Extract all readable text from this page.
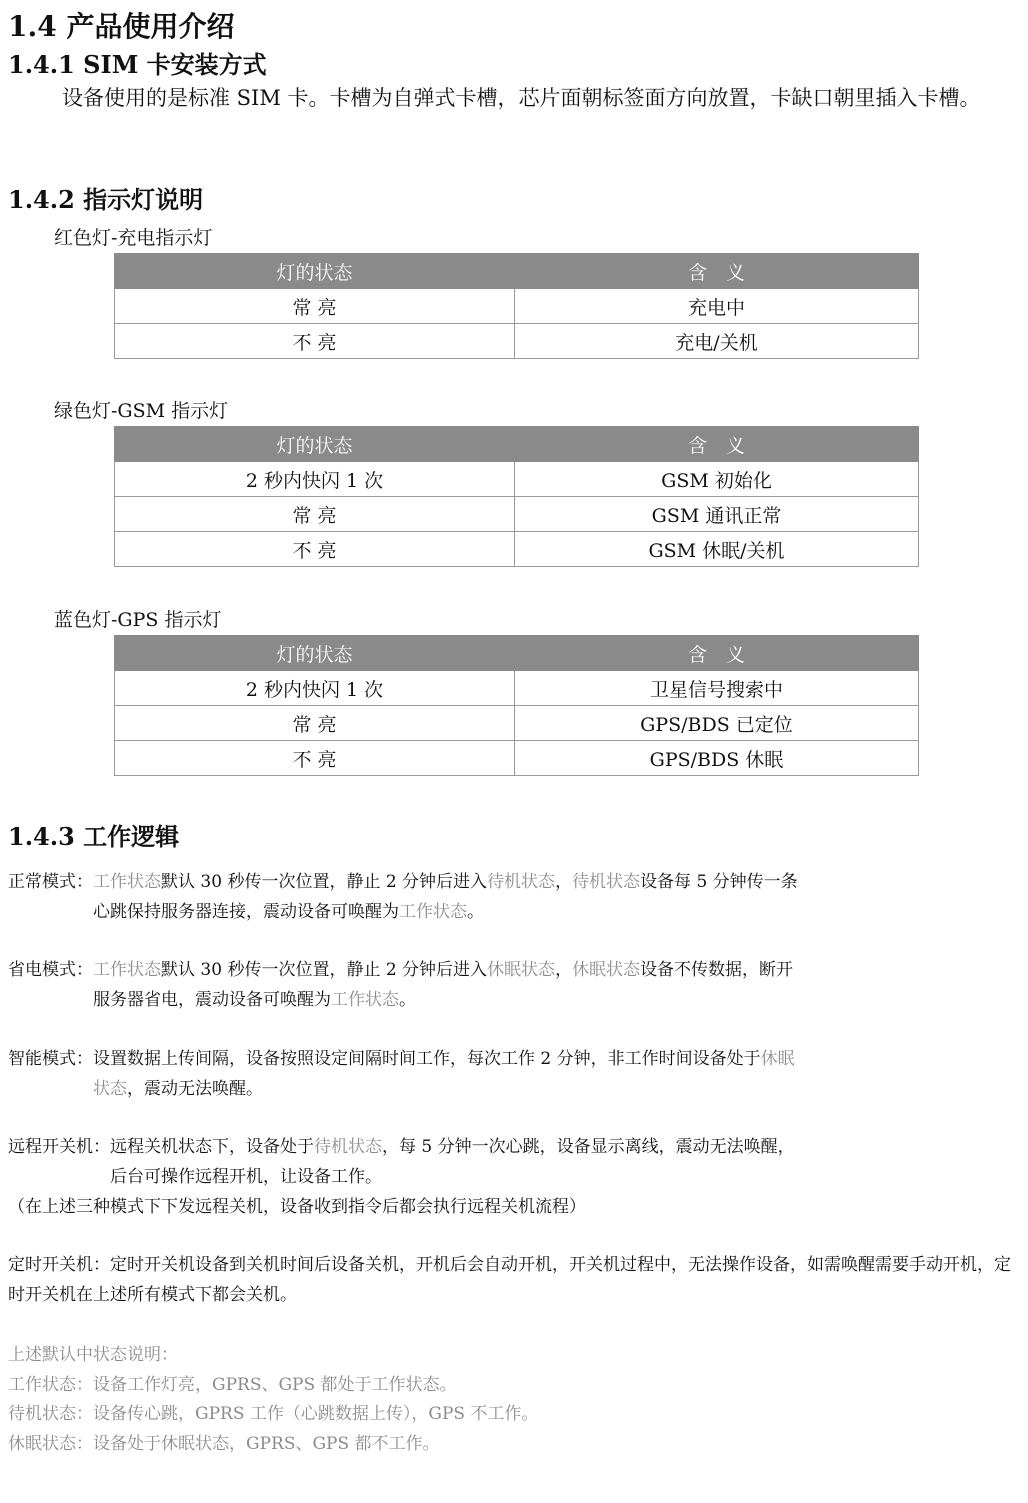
1.4 产品使用介绍
1.4.1 SIM 卡安装方式

设备使用的是标准 SIM 卡。卡槽为自弹式卡槽，芯片面朝标签面方向放置，卡缺口朝里插入卡槽。

1.4.2 指示灯说明
红色灯-充电指示灯
灯的状态	含　义
常 亮	充电中
不 亮	充电/关机
绿色灯-GSM 指示灯
灯的状态	含　义
2 秒内快闪 1 次	GSM 初始化
常 亮	GSM 通讯正常
不 亮	GSM 休眠/关机
蓝色灯-GPS 指示灯
灯的状态	含　义
2 秒内快闪 1 次	卫星信号搜索中
常 亮	GPS/BDS 已定位
不 亮	GPS/BDS 休眠
1.4.3 工作逻辑
正常模式： 工作状态默认 30 秒传一次位置，静止 2 分钟后进入待机状态，待机状态设备每 5 分钟传一条心跳保持服务器连接，震动设备可唤醒为工作状态。
省电模式： 工作状态默认 30 秒传一次位置，静止 2 分钟后进入休眠状态，休眠状态设备不传数据，断开服务器省电，震动设备可唤醒为工作状态。
智能模式： 设置数据上传间隔，设备按照设定间隔时间工作，每次工作 2 分钟，非工作时间设备处于休眠状态，震动无法唤醒。
远程开关机： 远程关机状态下，设备处于待机状态，每 5 分钟一次心跳，设备显示离线，震动无法唤醒，后台可操作远程开机，让设备工作。
（在上述三种模式下下发远程关机，设备收到指令后都会执行远程关机流程）

定时开关机：定时开关机设备到关机时间后设备关机，开机后会自动开机，开关机过程中，无法操作设备，如需唤醒需要手动开机，定时开关机在上述所有模式下都会关机。

上述默认中状态说明：
工作状态：设备工作灯亮，GPRS、GPS 都处于工作状态。
待机状态：设备传心跳，GPRS 工作（心跳数据上传），GPS 不工作。
休眠状态：设备处于休眠状态，GPRS、GPS 都不工作。
